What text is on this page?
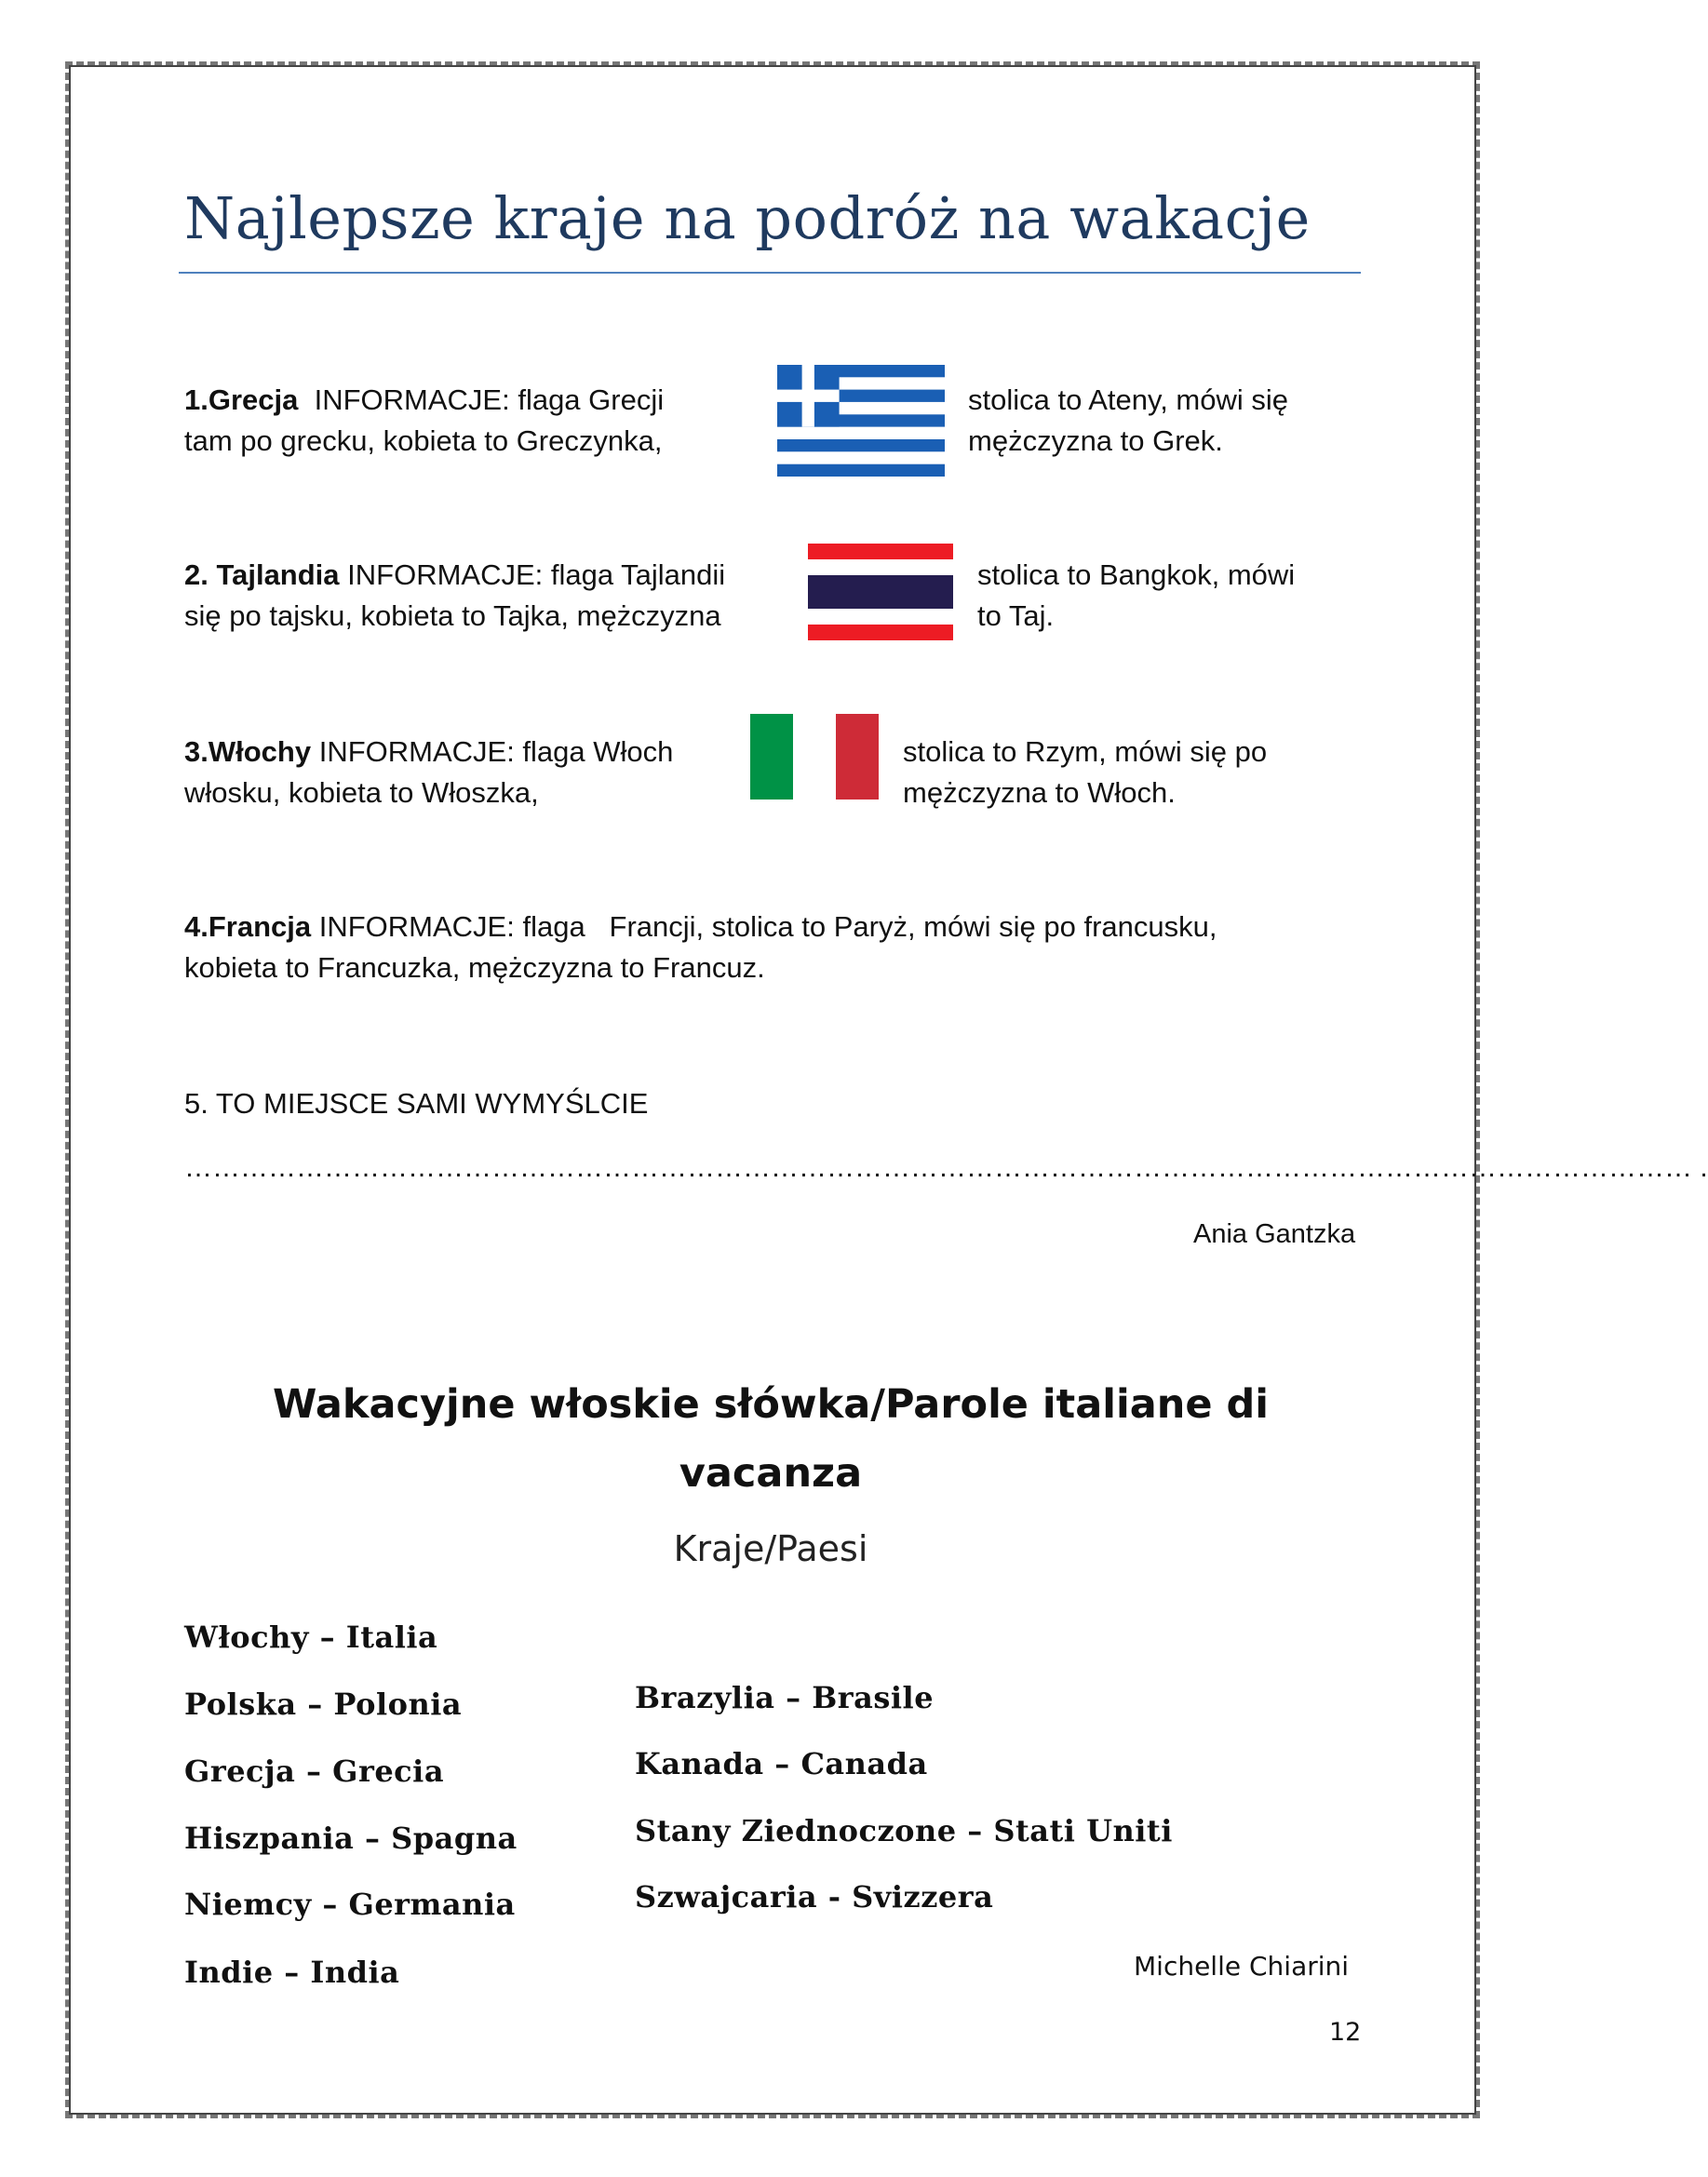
Najlepsze kraje na podróż na wakacje
1.Grecja  INFORMACJE: flaga Grecji
tam po grecku, kobieta to Greczynka,
stolica to Ateny, mówi się
mężczyzna to Grek.
2. Tajlandia INFORMACJE: flaga Tajlandii
się po tajsku, kobieta to Tajka, mężczyzna
stolica to Bangkok, mówi
to Taj.
3.Włochy INFORMACJE: flaga Włoch
włosku, kobieta to Włoszka,
stolica to Rzym, mówi się po
mężczyzna to Włoch.
4.Francja INFORMACJE: flaga   Francji, stolica to Paryż, mówi się po francusku,
kobieta to Francuzka, mężczyzna to Francuz.
5. TO MIEJSCE SAMI WYMYŚLCIE
……………………………………………………………………………………………………………………………………………… .
Ania Gantzka
Wakacyjne włoskie słówka/Parole italiane di
vacanza
Kraje/Paesi
Włochy – Italia
Polska – Polonia
Grecja – Grecia
Hiszpania – Spagna
Niemcy – Germania
Indie – India
Brazylia – Brasile
Kanada – Canada
Stany Ziednoczone – Stati Uniti
Szwajcaria - Svizzera
Michelle Chiarini
12
